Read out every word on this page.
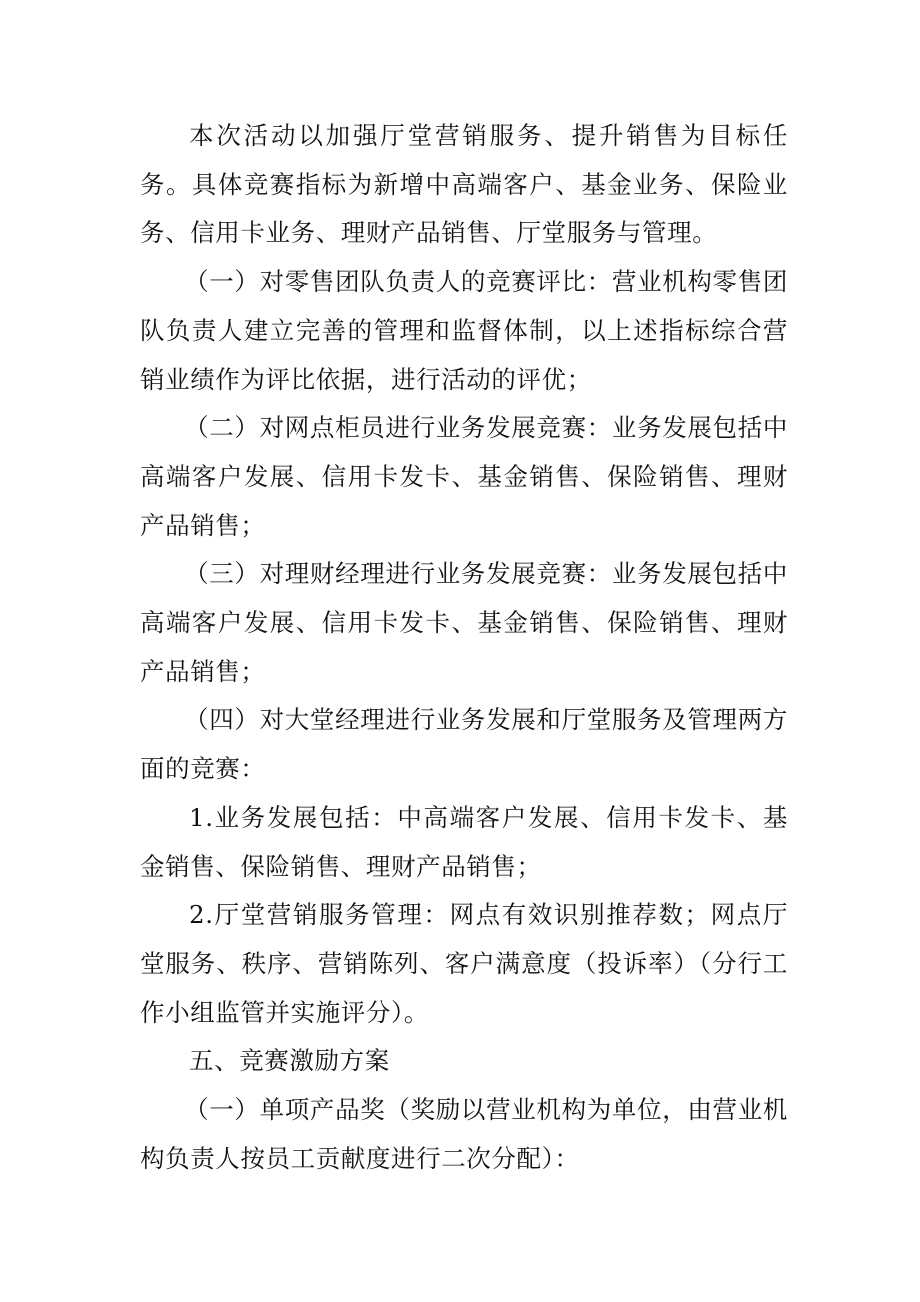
本次活动以加强厅堂营销服务、提升销售为目标任务。具体竞赛指标为新增中高端客户、基金业务、保险业务、信用卡业务、理财产品销售、厅堂服务与管理。

（一）对零售团队负责人的竞赛评比：营业机构零售团队负责人建立完善的管理和监督体制，以上述指标综合营销业绩作为评比依据，进行活动的评优；

（二）对网点柜员进行业务发展竞赛：业务发展包括中高端客户发展、信用卡发卡、基金销售、保险销售、理财产品销售；

（三）对理财经理进行业务发展竞赛：业务发展包括中高端客户发展、信用卡发卡、基金销售、保险销售、理财产品销售；

（四）对大堂经理进行业务发展和厅堂服务及管理两方面的竞赛：

1.业务发展包括：中高端客户发展、信用卡发卡、基金销售、保险销售、理财产品销售；

2.厅堂营销服务管理：网点有效识别推荐数；网点厅堂服务、秩序、营销陈列、客户满意度（投诉率）（分行工作小组监管并实施评分）。

五、竞赛激励方案

（一）单项产品奖（奖励以营业机构为单位，由营业机构负责人按员工贡献度进行二次分配）：
